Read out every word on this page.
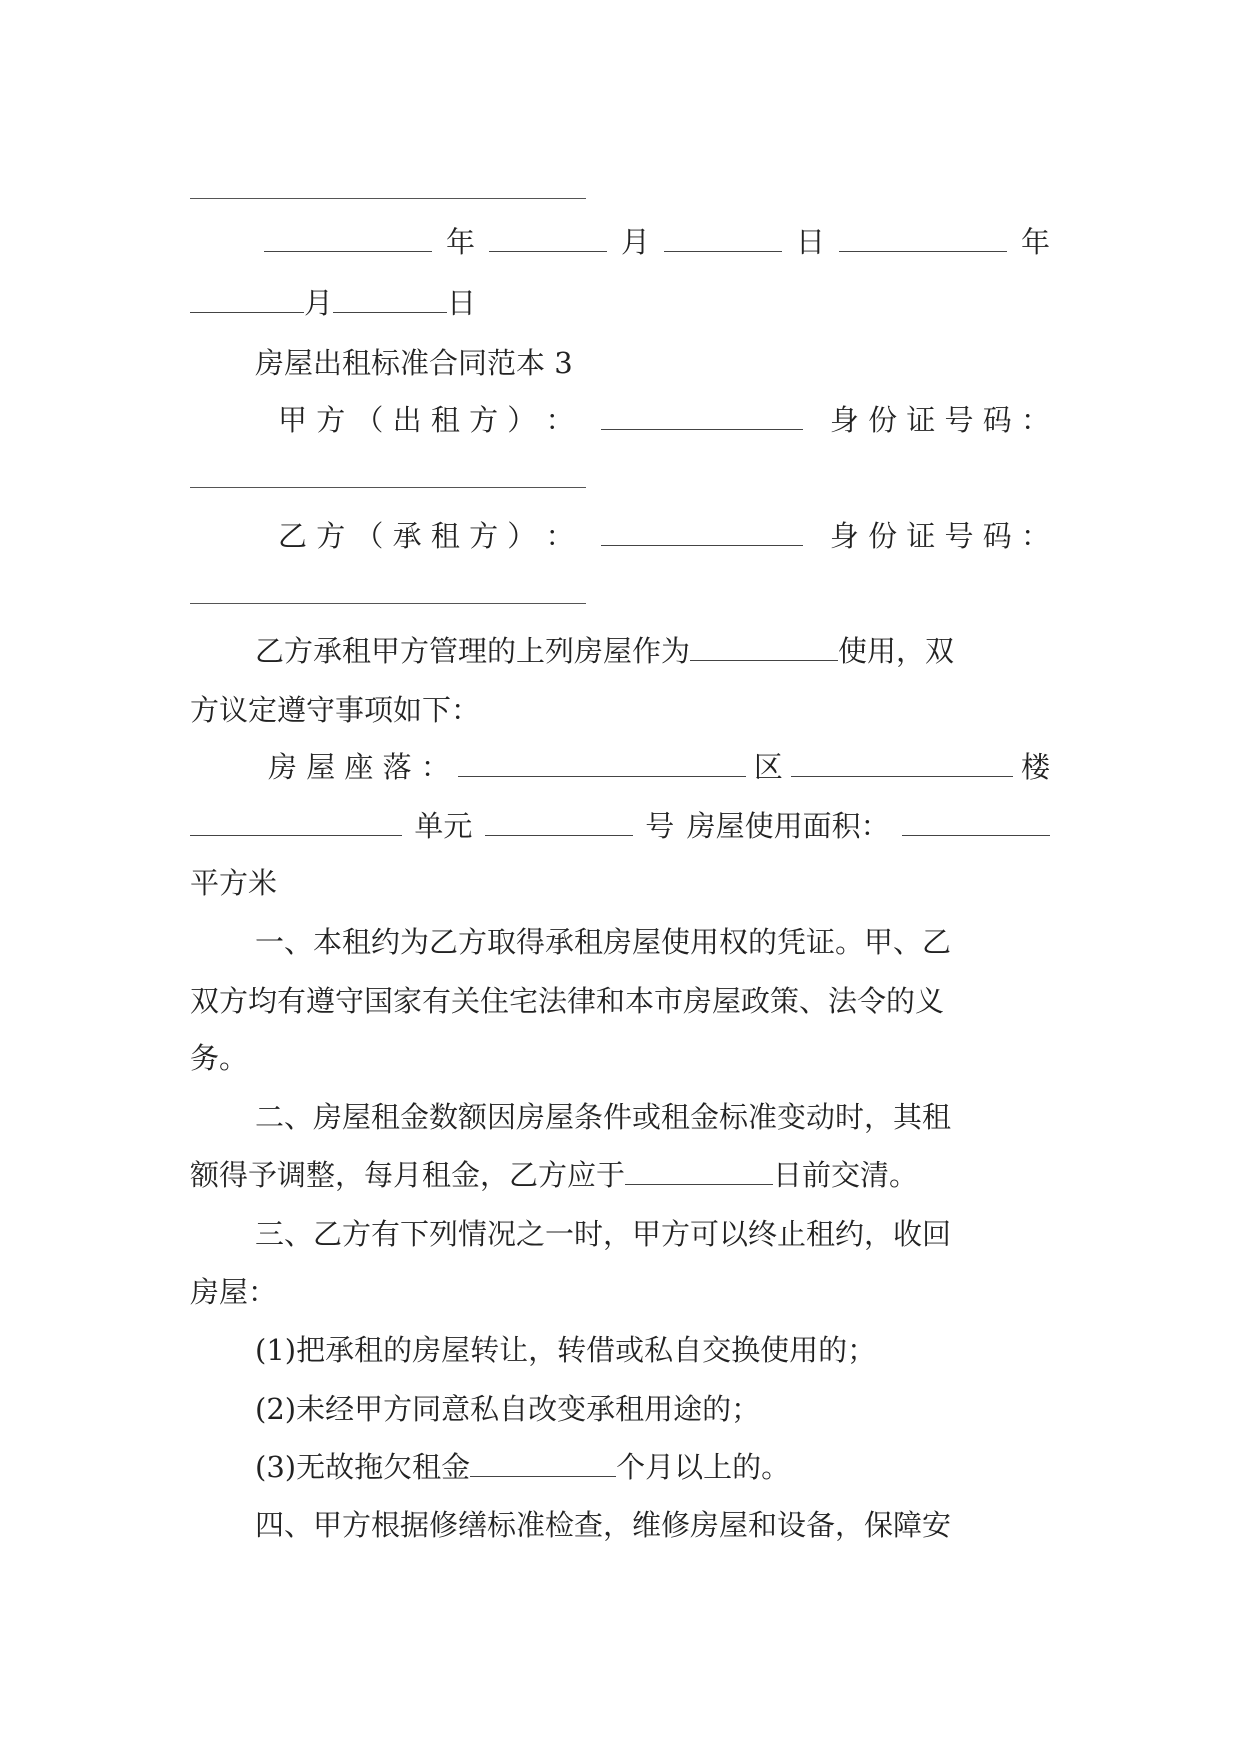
年	月	日	年
月	日
房屋出租标准合同范本 3
甲 方 （ 出 租 方 ） ：	身 份 证 号 码 ：
乙 方 （ 承 租 方 ） ：	身 份 证 号 码 ：
乙方承租甲方管理的上列房屋作为	使用，双
方议定遵守事项如下：
房 屋 座 落 ：	区	楼
单元	号 房屋使用面积：
平方米
一、本租约为乙方取得承租房屋使用权的凭证。甲、乙
双方均有遵守国家有关住宅法律和本市房屋政策、法令的义
务。
二、房屋租金数额因房屋条件或租金标准变动时，其租
额得予调整，每月租金，乙方应于	日前交清。
三、乙方有下列情况之一时，甲方可以终止租约，收回
房屋：
(1)把承租的房屋转让，转借或私自交换使用的；
(2)未经甲方同意私自改变承租用途的；
(3)无故拖欠租金	个月以上的。
四、甲方根据修缮标准检查，维修房屋和设备，保障安
